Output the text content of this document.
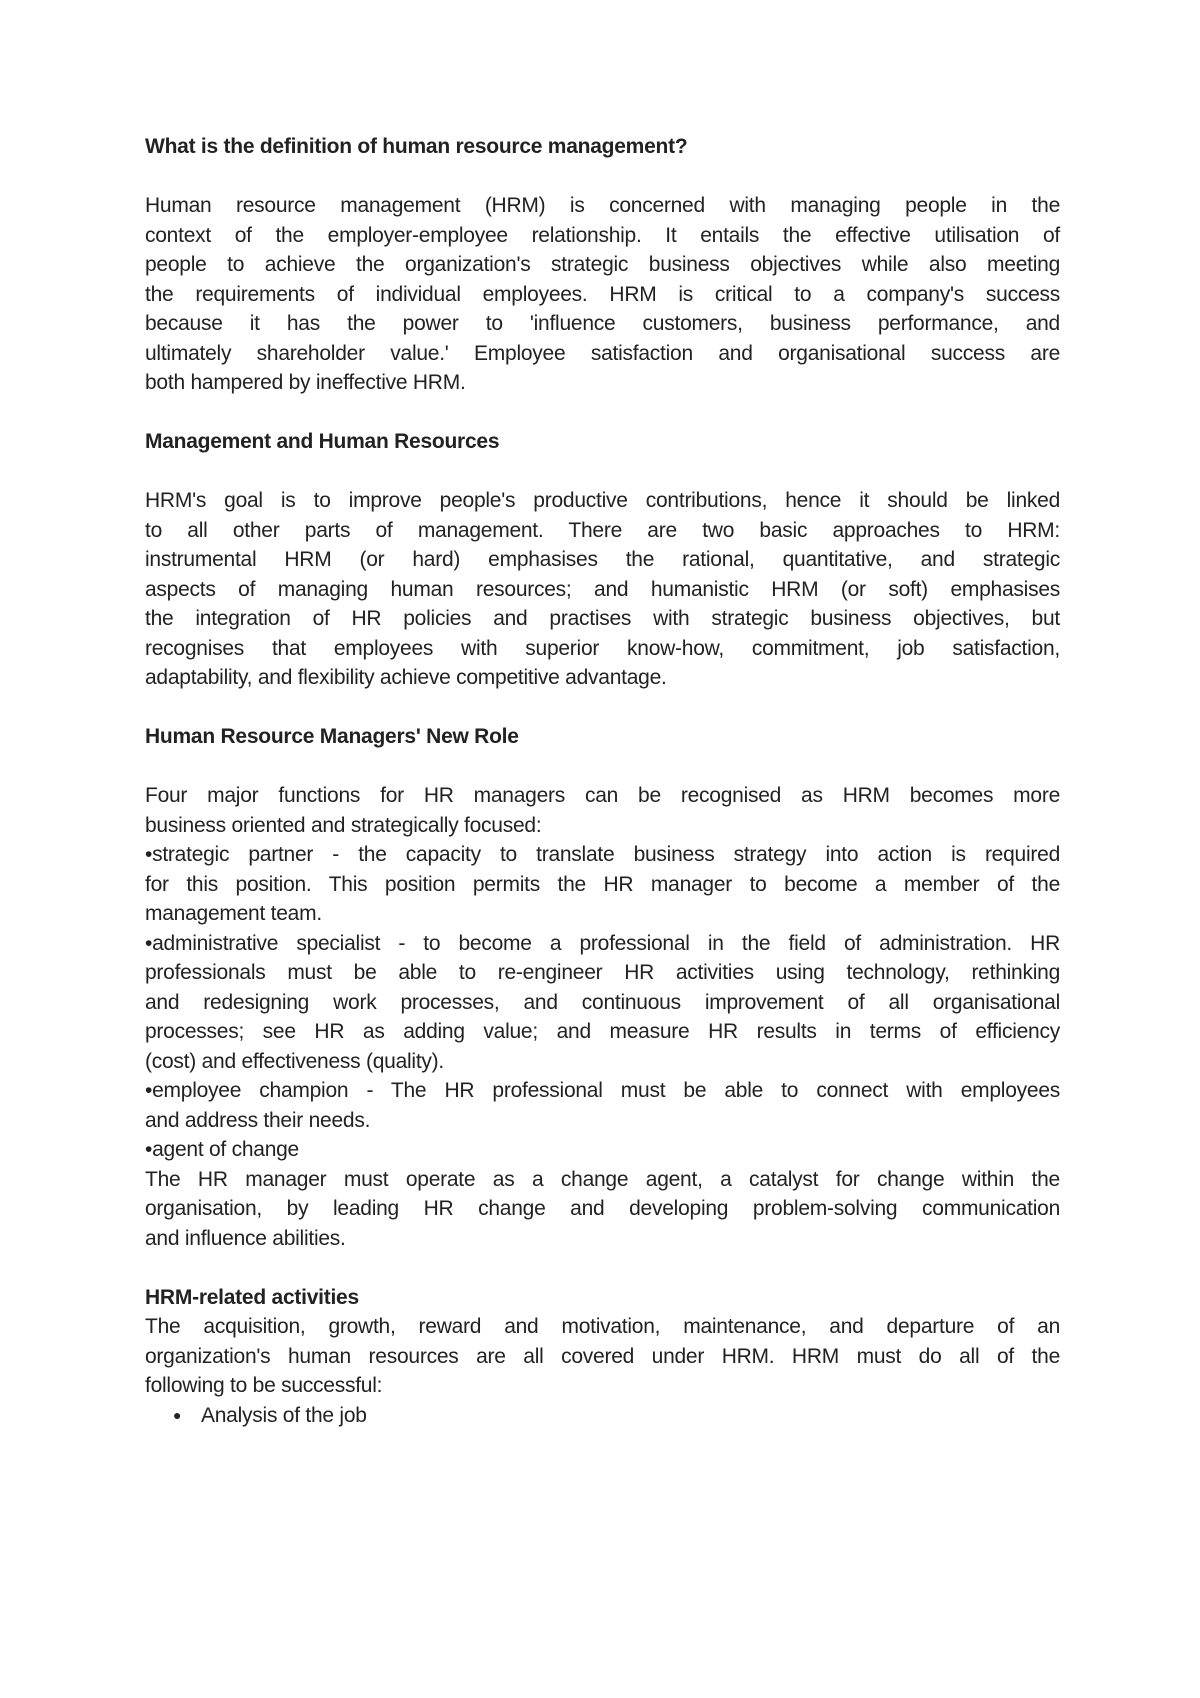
What is the definition of human resource management?
Human resource management (HRM) is concerned with managing people in the
context of the employer-employee relationship. It entails the effective utilisation of
people to achieve the organization's strategic business objectives while also meeting
the requirements of individual employees. HRM is critical to a company's success
because it has the power to 'influence customers, business performance, and
ultimately shareholder value.' Employee satisfaction and organisational success are
both hampered by ineffective HRM.
Management and Human Resources
HRM's goal is to improve people's productive contributions, hence it should be linked
to all other parts of management. There are two basic approaches to HRM:
instrumental HRM (or hard) emphasises the rational, quantitative, and strategic
aspects of managing human resources; and humanistic HRM (or soft) emphasises
the integration of HR policies and practises with strategic business objectives, but
recognises that employees with superior know-how, commitment, job satisfaction,
adaptability, and flexibility achieve competitive advantage.
Human Resource Managers' New Role
Four major functions for HR managers can be recognised as HRM becomes more
business oriented and strategically focused:
•strategic partner - the capacity to translate business strategy into action is required
for this position. This position permits the HR manager to become a member of the
management team.
•administrative specialist - to become a professional in the field of administration. HR
professionals must be able to re-engineer HR activities using technology, rethinking
and redesigning work processes, and continuous improvement of all organisational
processes; see HR as adding value; and measure HR results in terms of efficiency
(cost) and effectiveness (quality).
•employee champion - The HR professional must be able to connect with employees
and address their needs.
•agent of change
The HR manager must operate as a change agent, a catalyst for change within the
organisation, by leading HR change and developing problem-solving communication
and influence abilities.
HRM-related activities
The acquisition, growth, reward and motivation, maintenance, and departure of an
organization's human resources are all covered under HRM. HRM must do all of the
following to be successful:
● Analysis of the job
